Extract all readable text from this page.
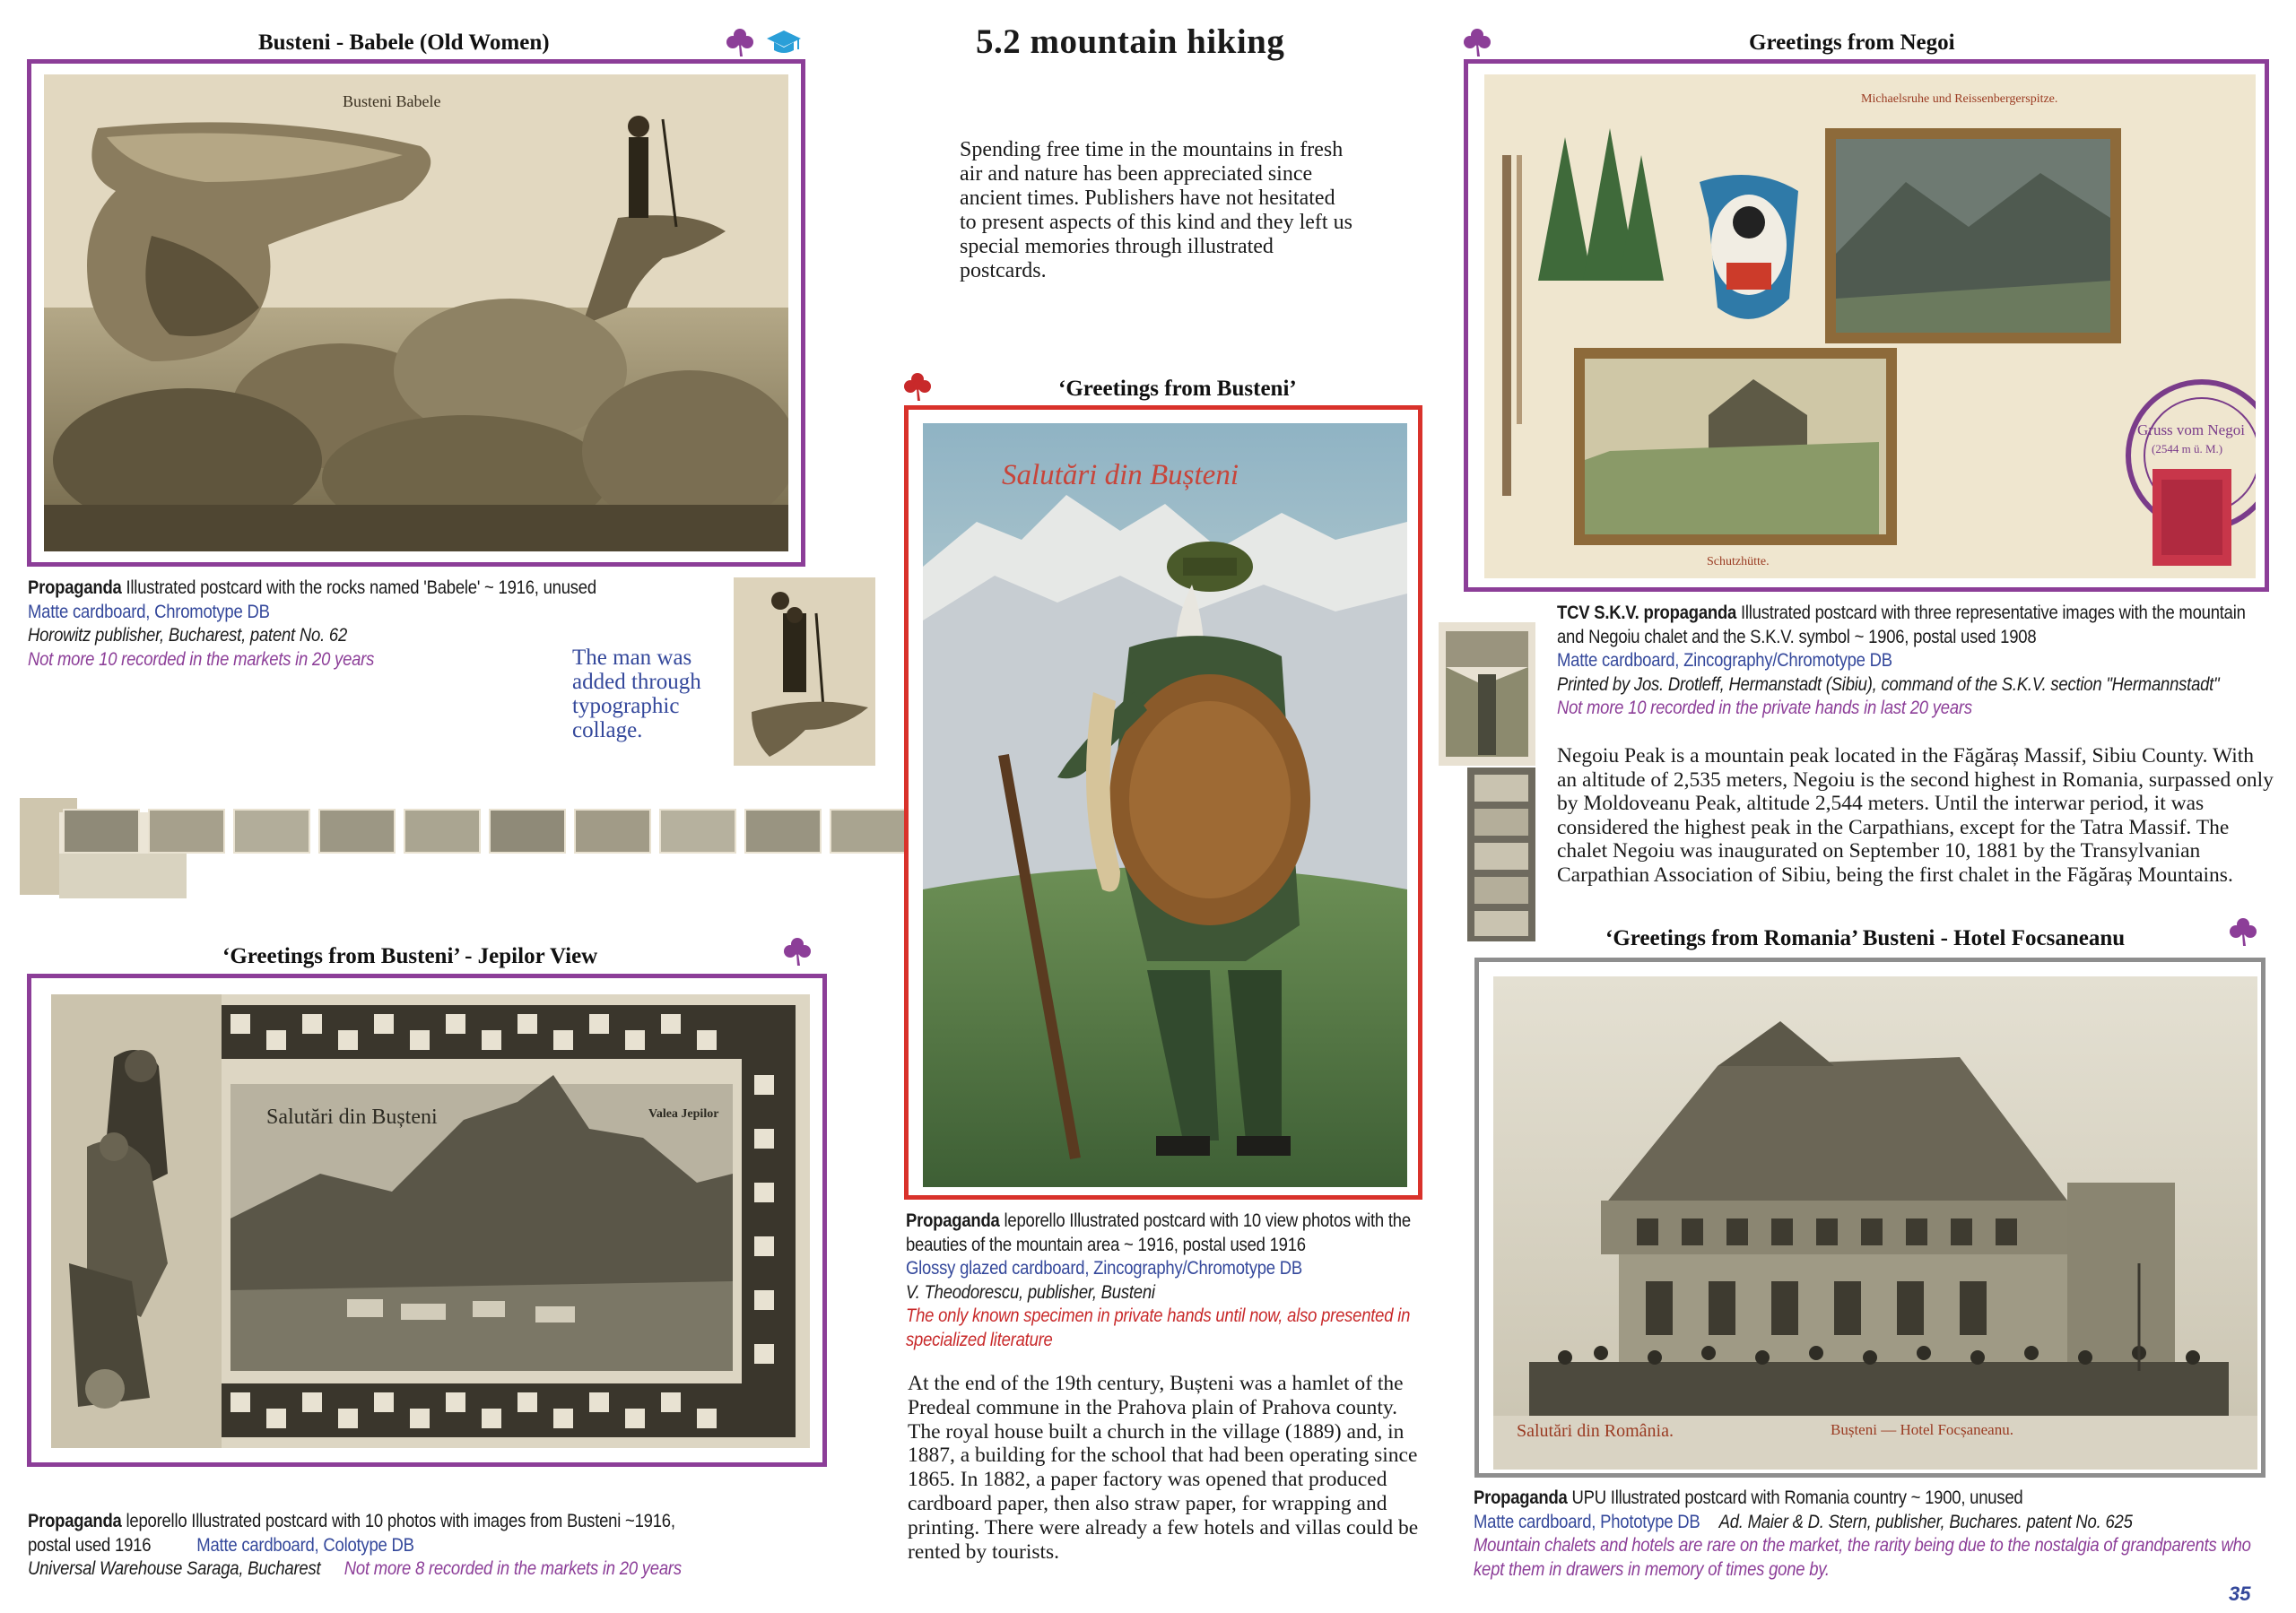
5.2 mountain hiking
Spending free time in the mountains in fresh air and nature has been appreciated since ancient times. Publishers have not hesitated to present aspects of this kind and they left us special memories through illustrated postcards.
Busteni - Babele (Old Women)
Busteni Babele
Propaganda Illustrated postcard with the rocks named 'Babele' ~ 1916, unused
Matte cardboard, Chromotype DB
Horowitz publisher, Bucharest, patent No. 62
Not more 10 recorded in the markets in 20 years	The man was added through typographic collage.
‘Greetings from Busteni’ - Jepilor View
Salutări din Bușteni	Valea Jepilor
Propaganda leporello Illustrated postcard with 10 photos with images from Busteni ~1916,
postal used 1916 Matte cardboard, Colotype DB
Universal Warehouse Saraga, Bucharest Not more 8 recorded in the markets in 20 years
‘Greetings from Busteni’
Salutări din Bușteni
Propaganda leporello Illustrated postcard with 10 view photos with the beauties of the mountain area ~ 1916, postal used 1916
Glossy glazed cardboard, Zincography/Chromotype DB
V. Theodorescu, publisher, Busteni
The only known specimen in private hands until now, also presented in specialized literature
At the end of the 19th century, Bușteni was a hamlet of the Predeal commune in the Prahova plain of Prahova county. The royal house built a church in the village (1889) and, in 1887, a building for the school that had been operating since 1865. In 1882, a paper factory was opened that produced cardboard paper, then also straw paper, for wrapping and printing. There were already a few hotels and villas could be rented by tourists.
Greetings from Negoi
Michaelsruhe und Reissenbergerspitze.
Schutzhütte.
Gruss vom Negoi
(2544 m ü. M.)
TCV S.K.V. propaganda Illustrated postcard with three representative images with the mountain and Negoiu chalet and the S.K.V. symbol ~ 1906, postal used 1908
Matte cardboard, Zincography/Chromotype DB
Printed by Jos. Drotleff, Hermanstadt (Sibiu), command of the S.K.V. section "Hermannstadt"
Not more 10 recorded in the private hands in last 20 years
Negoiu Peak is a mountain peak located in the Făgăraș Massif, Sibiu County. With an altitude of 2,535 meters, Negoiu is the second highest in Romania, surpassed only by Moldoveanu Peak, altitude 2,544 meters. Until the interwar period, it was considered the highest peak in the Carpathians, except for the Tatra Massif. The chalet Negoiu was inaugurated on September 10, 1881 by the Transylvanian Carpathian Association of Sibiu, being the first chalet in the Făgăraș Mountains.
‘Greetings from Romania’ Busteni - Hotel Focsaneanu
Salutări din România.	Bușteni — Hotel Focșaneanu.
Propaganda UPU Illustrated postcard with Romania country ~ 1900, unused
Matte cardboard, Phototype DB Ad. Maier & D. Stern, publisher, Buchares. patent No. 625
Mountain chalets and hotels are rare on the market, the rarity being due to the nostalgia of grandparents who kept them in drawers in memory of times gone by.
35
